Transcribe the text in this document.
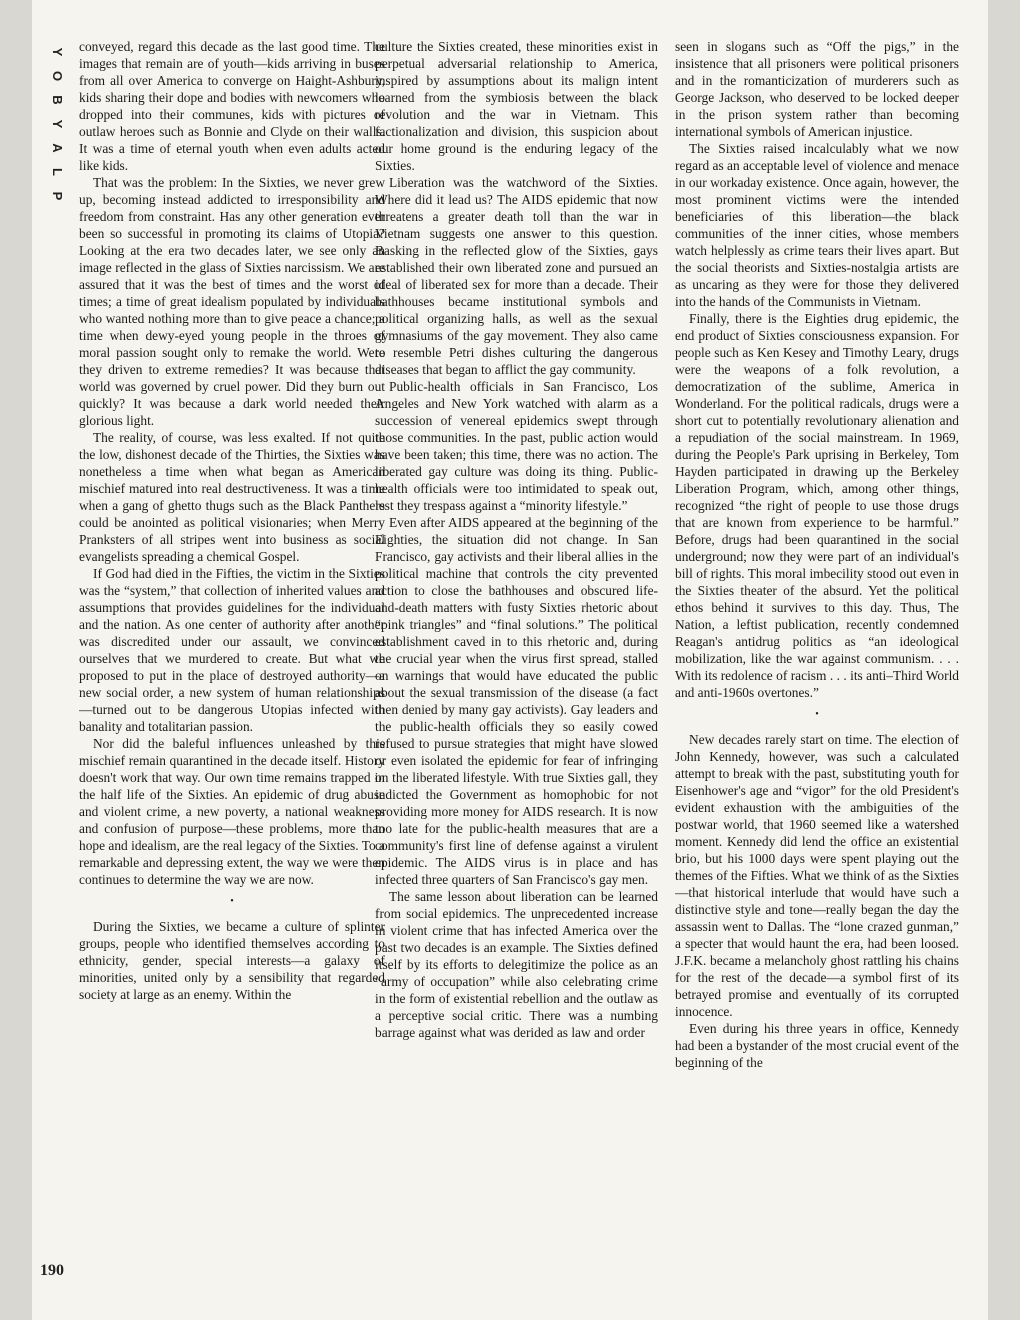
Y
O
B
Y
A
L
P
190

conveyed, regard this decade as the last good time. The images that remain are of youth—kids arriving in buses from all over America to converge on Haight-Ashbury, kids sharing their dope and bodies with newcomers who dropped into their communes, kids with pictures of outlaw heroes such as Bonnie and Clyde on their walls. It was a time of eternal youth when even adults acted like kids.

That was the problem: In the Sixties, we never grew up, becoming instead addicted to irresponsibility and freedom from constraint. Has any other generation ever been so successful in promoting its claims of Utopia? Looking at the era two decades later, we see only an image reflected in the glass of Sixties narcissism. We are assured that it was the best of times and the worst of times; a time of great idealism populated by individuals who wanted nothing more than to give peace a chance; a time when dewy-eyed young people in the throes of moral passion sought only to remake the world. Were they driven to extreme remedies? It was because that world was governed by cruel power. Did they burn out quickly? It was because a dark world needed their glorious light.

The reality, of course, was less exalted. If not quite the low, dishonest decade of the Thirties, the Sixties was nonetheless a time when what began as American mischief matured into real destructiveness. It was a time when a gang of ghetto thugs such as the Black Panthers could be anointed as political visionaries; when Merry Pranksters of all stripes went into business as social evangelists spreading a chemical Gospel.

If God had died in the Fifties, the victim in the Sixties was the “system,” that collection of inherited values and assumptions that provides guidelines for the individual and the nation. As one center of authority after another was discredited under our assault, we convinced ourselves that we murdered to create. But what we proposed to put in the place of destroyed authority—a new social order, a new system of human relationships—turned out to be dangerous Utopias infected with banality and totalitarian passion.

Nor did the baleful influences unleashed by this mischief remain quarantined in the decade itself. History doesn't work that way. Our own time remains trapped in the half life of the Sixties. An epidemic of drug abuse and violent crime, a new poverty, a national weakness and confusion of purpose—these problems, more than hope and idealism, are the real legacy of the Sixties. To a remarkable and depressing extent, the way we were then continues to determine the way we are now.

•

During the Sixties, we became a culture of splinter groups, people who identified themselves according to ethnicity, gender, special interests—a galaxy of minorities, united only by a sensibility that regarded society at large as an enemy. Within the

culture the Sixties created, these minorities exist in perpetual adversarial relationship to America, inspired by assumptions about its malign intent learned from the symbiosis between the black revolution and the war in Vietnam. This factionalization and division, this suspicion about our home ground is the enduring legacy of the Sixties.

Liberation was the watchword of the Sixties. Where did it lead us? The AIDS epidemic that now threatens a greater death toll than the war in Vietnam suggests one answer to this question. Basking in the reflected glow of the Sixties, gays established their own liberated zone and pursued an ideal of liberated sex for more than a decade. Their bathhouses became institutional symbols and political organizing halls, as well as the sexual gymnasiums of the gay movement. They also came to resemble Petri dishes culturing the dangerous diseases that began to afflict the gay community.

Public-health officials in San Francisco, Los Angeles and New York watched with alarm as a succession of venereal epidemics swept through those communities. In the past, public action would have been taken; this time, there was no action. The liberated gay culture was doing its thing. Public-health officials were too intimidated to speak out, lest they trespass against a “minority lifestyle.”

Even after AIDS appeared at the beginning of the Eighties, the situation did not change. In San Francisco, gay activists and their liberal allies in the political machine that controls the city prevented action to close the bathhouses and obscured life-and-death matters with fusty Sixties rhetoric about “pink triangles” and “final solutions.” The political establishment caved in to this rhetoric and, during the crucial year when the virus first spread, stalled on warnings that would have educated the public about the sexual transmission of the disease (a fact then denied by many gay activists). Gay leaders and the public-health officials they so easily cowed refused to pursue strategies that might have slowed or even isolated the epidemic for fear of infringing on the liberated lifestyle. With true Sixties gall, they indicted the Government as homophobic for not providing more money for AIDS research. It is now too late for the public-health measures that are a community's first line of defense against a virulent epidemic. The AIDS virus is in place and has infected three quarters of San Francisco's gay men.

The same lesson about liberation can be learned from social epidemics. The unprecedented increase in violent crime that has infected America over the past two decades is an example. The Sixties defined itself by its efforts to delegitimize the police as an “army of occupation” while also celebrating crime in the form of existential rebellion and the outlaw as a perceptive social critic. There was a numbing barrage against what was derided as law and order

seen in slogans such as “Off the pigs,” in the insistence that all prisoners were political prisoners and in the romanticization of murderers such as George Jackson, who deserved to be locked deeper in the prison system rather than becoming international symbols of American injustice.

The Sixties raised incalculably what we now regard as an acceptable level of violence and menace in our workaday existence. Once again, however, the most prominent victims were the intended beneficiaries of this liberation—the black communities of the inner cities, whose members watch helplessly as crime tears their lives apart. But the social theorists and Sixties-nostalgia artists are as uncaring as they were for those they delivered into the hands of the Communists in Vietnam.

Finally, there is the Eighties drug epidemic, the end product of Sixties consciousness expansion. For people such as Ken Kesey and Timothy Leary, drugs were the weapons of a folk revolution, a democratization of the sublime, America in Wonderland. For the political radicals, drugs were a short cut to potentially revolutionary alienation and a repudiation of the social mainstream. In 1969, during the People's Park uprising in Berkeley, Tom Hayden participated in drawing up the Berkeley Liberation Program, which, among other things, recognized “the right of people to use those drugs that are known from experience to be harmful.” Before, drugs had been quarantined in the social underground; now they were part of an individual's bill of rights. This moral imbecility stood out even in the Sixties theater of the absurd. Yet the political ethos behind it survives to this day. Thus, The Nation, a leftist publication, recently condemned Reagan's antidrug politics as “an ideological mobilization, like the war against communism. . . . With its redolence of racism . . . its anti–Third World and anti-1960s overtones.”

•

New decades rarely start on time. The election of John Kennedy, however, was such a calculated attempt to break with the past, substituting youth for Eisenhower's age and “vigor” for the old President's evident exhaustion with the ambiguities of the postwar world, that 1960 seemed like a watershed moment. Kennedy did lend the office an existential brio, but his 1000 days were spent playing out the themes of the Fifties. What we think of as the Sixties—that historical interlude that would have such a distinctive style and tone—really began the day the assassin went to Dallas. The “lone crazed gunman,” a specter that would haunt the era, had been loosed. J.F.K. became a melancholy ghost rattling his chains for the rest of the decade—a symbol first of its betrayed promise and eventually of its corrupted innocence.

Even during his three years in office, Kennedy had been a bystander of the most crucial event of the beginning of the
